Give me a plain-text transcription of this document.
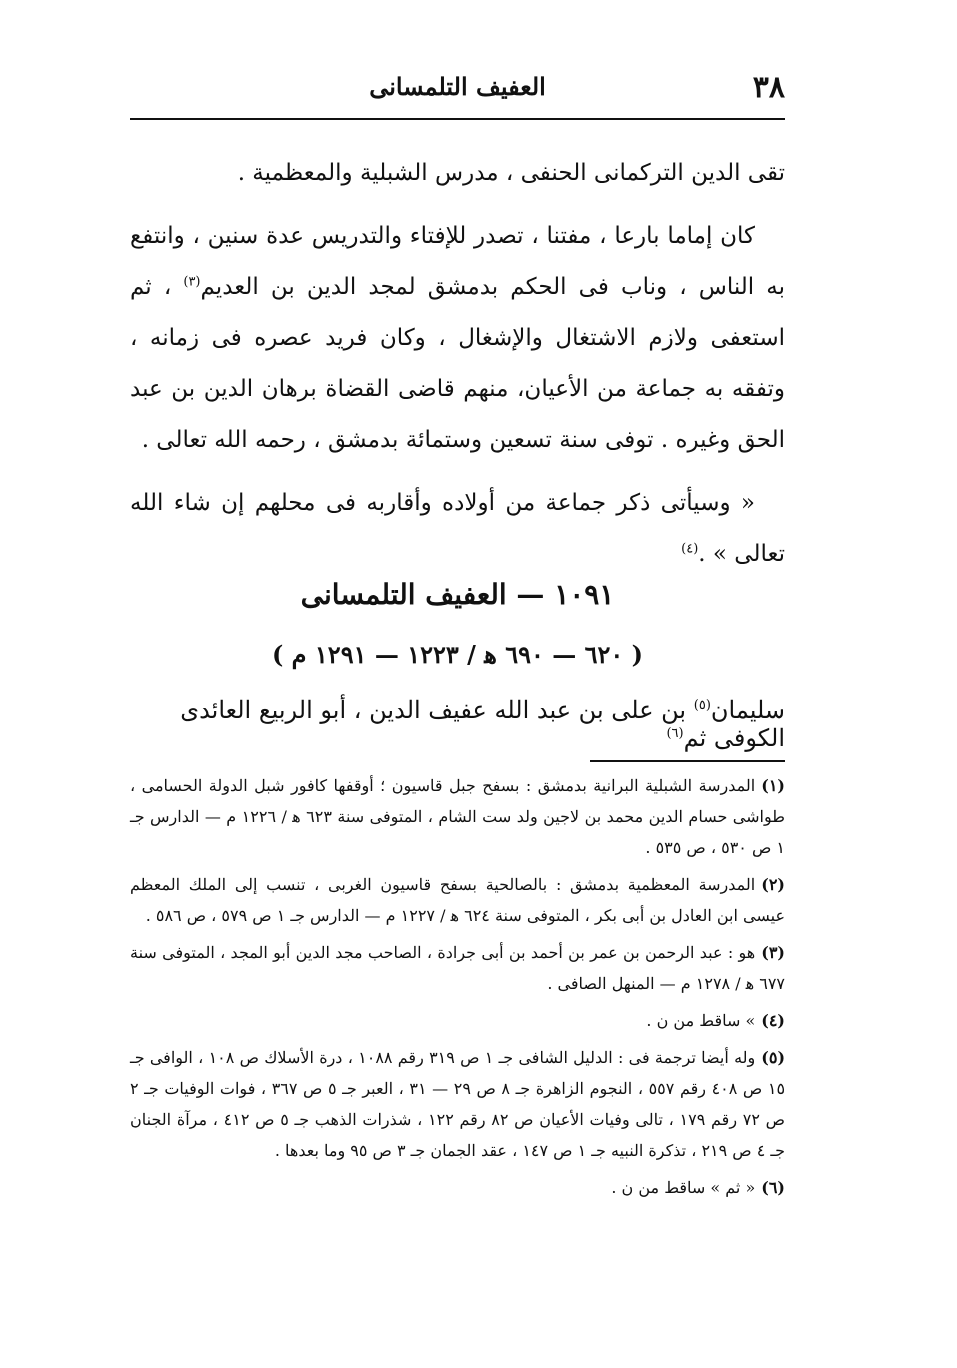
٣٨
العفيف التلمسانى

تقى الدين التركمانى الحنفى ، مدرس الشبلية والمعظمية .

كان إماما بارعا ، مفتنا ، تصدر للإفتاء والتدريس عدة سنين ، وانتفع به الناس ، وناب فى الحكم بدمشق لمجد الدين بن العديم$^{(٣)}$ ، ثم استعفى ولازم الاشتغال والإشغال ، وكان فريد عصره فى زمانه ، وتفقه به جماعة من الأعيان، منهم قاضى القضاة برهان الدين بن عبد الحق وغيره . توفى سنة تسعين وستمائة بدمشق ، رحمه الله تعالى .

« وسيأتى ذكر جماعة من أولاده وأقاربه فى محلهم إن شاء الله تعالى » .$^{(٤)}$

١٠٩١ — العفيف التلمسانى
( ٦٢٠ — ٦٩٠ ﻫ / ١٢٢٣ — ١٢٩١ م )
سليمان$^{(٥)}$ بن على بن عبد الله عفيف الدين ، أبو الربيع العائدى الكوفى ثم$^{(٦)}$

(١)المدرسة الشبلية البرانية بدمشق : بسفح جبل قاسيون ؛ أوقفها كافور شبل الدولة الحسامى ، طواشى حسام الدين محمد بن لاجين ولد ست الشام ، المتوفى سنة ٦٢٣ ﻫ / ١٢٢٦ م — الدارس جـ ١ ص ٥٣٠ ، ص ٥٣٥ .

(٢)المدرسة المعظمية بدمشق : بالصالحية بسفح قاسيون الغربى ، تنسب إلى الملك المعظم عيسى ابن العادل بن أبى بكر ، المتوفى سنة ٦٢٤ ﻫ / ١٢٢٧ م — الدارس جـ ١ ص ٥٧٩ ، ص ٥٨٦ .

(٣)هو : عبد الرحمن بن عمر بن أحمد بن أبى جرادة ، الصاحب مجد الدين أبو المجد ، المتوفى سنة ٦٧٧ ﻫ / ١٢٧٨ م — المنهل الصافى .

(٤)» ساقط من ن .

(٥)وله أيضا ترجمة فى : الدليل الشافى جـ ١ ص ٣١٩ رقم ١٠٨٨ ، درة الأسلاك ص ١٠٨ ، الوافى جـ ١٥ ص ٤٠٨ رقم ٥٥٧ ، النجوم الزاهرة جـ ٨ ص ٢٩ — ٣١ ، العبر جـ ٥ ص ٣٦٧ ، فوات الوفيات جـ ٢ ص ٧٢ رقم ١٧٩ ، تالى وفيات الأعيان ص ٨٢ رقم ١٢٢ ، شذرات الذهب جـ ٥ ص ٤١٢ ، مرآة الجنان جـ ٤ ص ٢١٩ ، تذكرة النبيه جـ ١ ص ١٤٧ ، عقد الجمان جـ ٣ ص ٩٥ وما بعدها .

(٦)« ثم » ساقط من ن .
